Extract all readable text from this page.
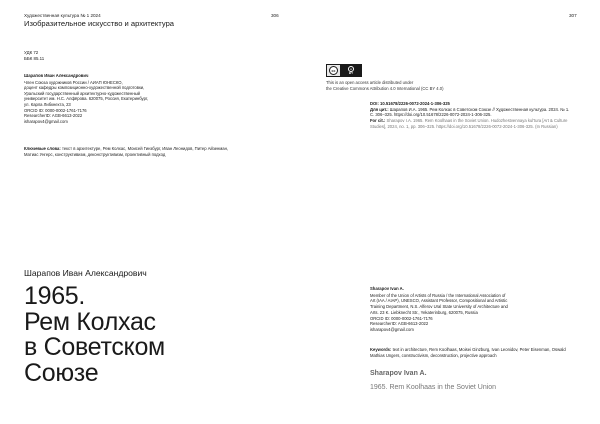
Художественная культура № 1 2024	306	307
Изобразительное искусство и архитектура
УДК 72
ББК 85.11
Шарапов Иван Александрович
Член Союза художников России / АИАП ЮНЕСКО,
доцент кафедры композиционно-художественной подготовки,
Уральский государственный архитектурно-художественный
университет им. Н.С. Алфёрова. 620075, Россия, Екатеринбург,
ул. Карла Либкнехта, 23
ORCID ID: 0000-0002-1761-7176
ResearcherID: AGB-6613-2022
isharapov4@gmail.com
Ключевые слова: текст в архитектуре, Рем Колхас, Моисей Гинзбург, Иван Леонидов, Питер Айзенман, Матиас Унгерс, конструктивизм, деконструктивизм, проективный подход
cc	●
BY
This is an open access article distributed under
the Creative Commons Attribution 4.0 International (CC BY 4.0)
DOI: 10.51678/2226-0072-2024-1-306-325
Для цит.: Шарапов И.А. 1965. Рем Колхас в Советском Союзе // Художественная культура. 2024. № 1. С. 306–325. https://doi.org/10.51678/2226-0072-2024-1-306-325.
For cit.: Sharapov I.A. 1965. Rem Koolhaas in the Soviet Union. Hudozhestvennaya kul'tura [Art & Culture Studies], 2024, no. 1, pp. 306–325. https://doi.org/10.51678/2226-0072-2024-1-306-325. (In Russian)
Шарапов Иван Александрович
1965.
Рем Колхас
в Советском
Союзе
Sharapov Ivan A.
Member of the Union of Artists of Russia / the International Association of
Art (IAA / AIAP), UNESCO, Assistant Professor, Compositional and Artistic
Training Department, N.S. Alferov Ural State University of Architecture and
Arts. 23 K. Liebknecht Str., Yekaterinburg, 620075, Russia
ORCID ID: 0000-0002-1761-7176
ResearcherID: AGB-6613-2022
isharapov4@gmail.com
Keywords: text in architecture, Rem Koolhaas, Moisei Ginzburg, Ivan Leonidov, Peter Eisenman, Oswald Mathias Ungers, constructivism, deconstruction, projective approach
Sharapov Ivan A.
1965. Rem Koolhaas in the Soviet Union
